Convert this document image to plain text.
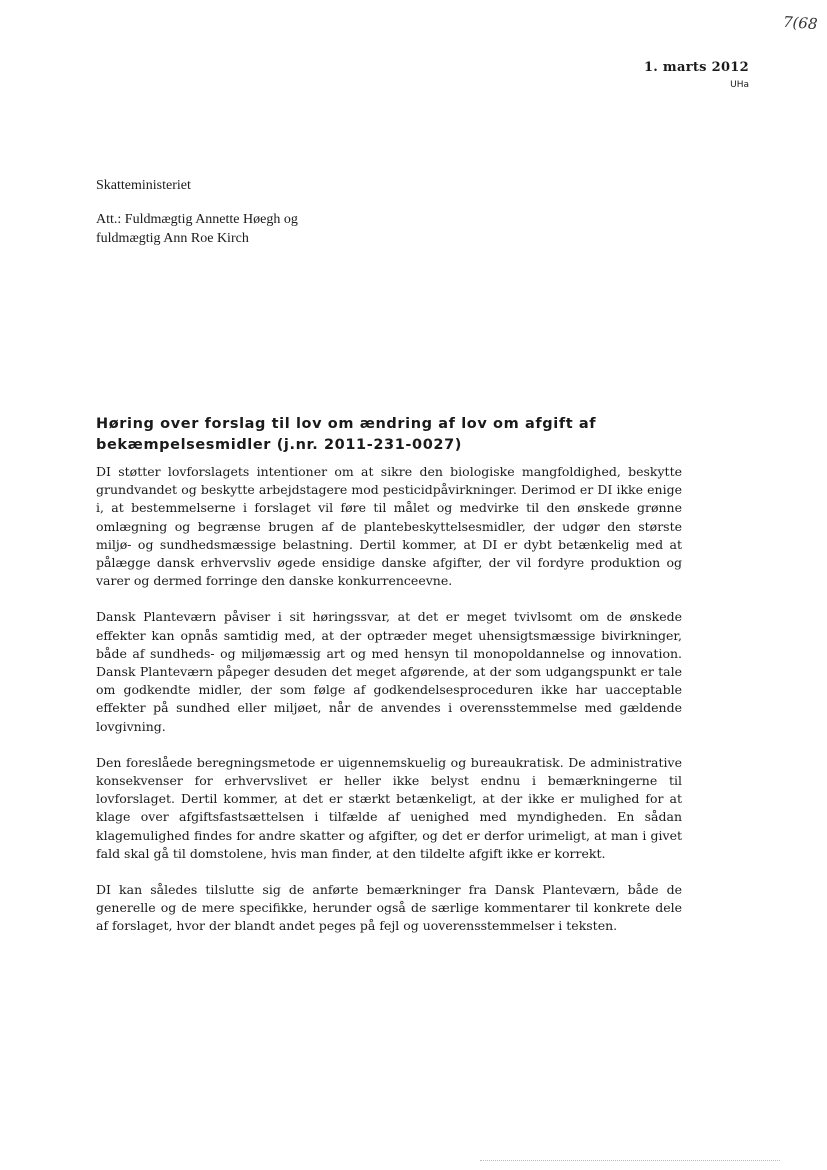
7(68
1. marts 2012
UHa
Skatteministeriet
Att.: Fuldmægtig Annette Høegh og
fuldmægtig Ann Roe Kirch
Høring over forslag til lov om ændring af lov om afgift af bekæmpelsesmidler (j.nr. 2011-231-0027)

DI støtter lovforslagets intentioner om at sikre den biologiske mangfoldighed, beskytte grundvandet og beskytte arbejdstagere mod pesticidpåvirkninger. Derimod er DI ikke enige i, at bestemmelserne i forslaget vil føre til målet og medvirke til den ønskede grønne omlægning og begrænse brugen af de plantebeskyttelsesmidler, der udgør den største miljø- og sundhedsmæssige belastning. Dertil kommer, at DI er dybt betænkelig med at pålægge dansk erhvervsliv øgede ensidige danske afgifter, der vil fordyre produktion og varer og dermed forringe den danske konkurrenceevne.

Dansk Planteværn påviser i sit høringssvar, at det er meget tvivlsomt om de ønskede effekter kan opnås samtidig med, at der optræder meget uhensigtsmæssige bivirkninger, både af sundheds- og miljømæssig art og med hensyn til monopoldannelse og innovation. Dansk Planteværn påpeger desuden det meget afgørende, at der som udgangspunkt er tale om godkendte midler, der som følge af godkendelsesproceduren ikke har uacceptable effekter på sundhed eller miljøet, når de anvendes i overensstemmelse med gældende lovgivning.

Den foreslåede beregningsmetode er uigennemskuelig og bureaukratisk. De administrative konsekvenser for erhvervslivet er heller ikke belyst endnu i bemærkningerne til lovforslaget. Dertil kommer, at det er stærkt betænkeligt, at der ikke er mulighed for at klage over afgiftsfastsættelsen i tilfælde af uenighed med myndigheden. En sådan klagemulighed findes for andre skatter og afgifter, og det er derfor urimeligt, at man i givet fald skal gå til domstolene, hvis man finder, at den tildelte afgift ikke er korrekt.

DI kan således tilslutte sig de anførte bemærkninger fra Dansk Planteværn, både de generelle og de mere specifikke, herunder også de særlige kommentarer til konkrete dele af forslaget, hvor der blandt andet peges på fejl og uoverensstemmelser i teksten.
